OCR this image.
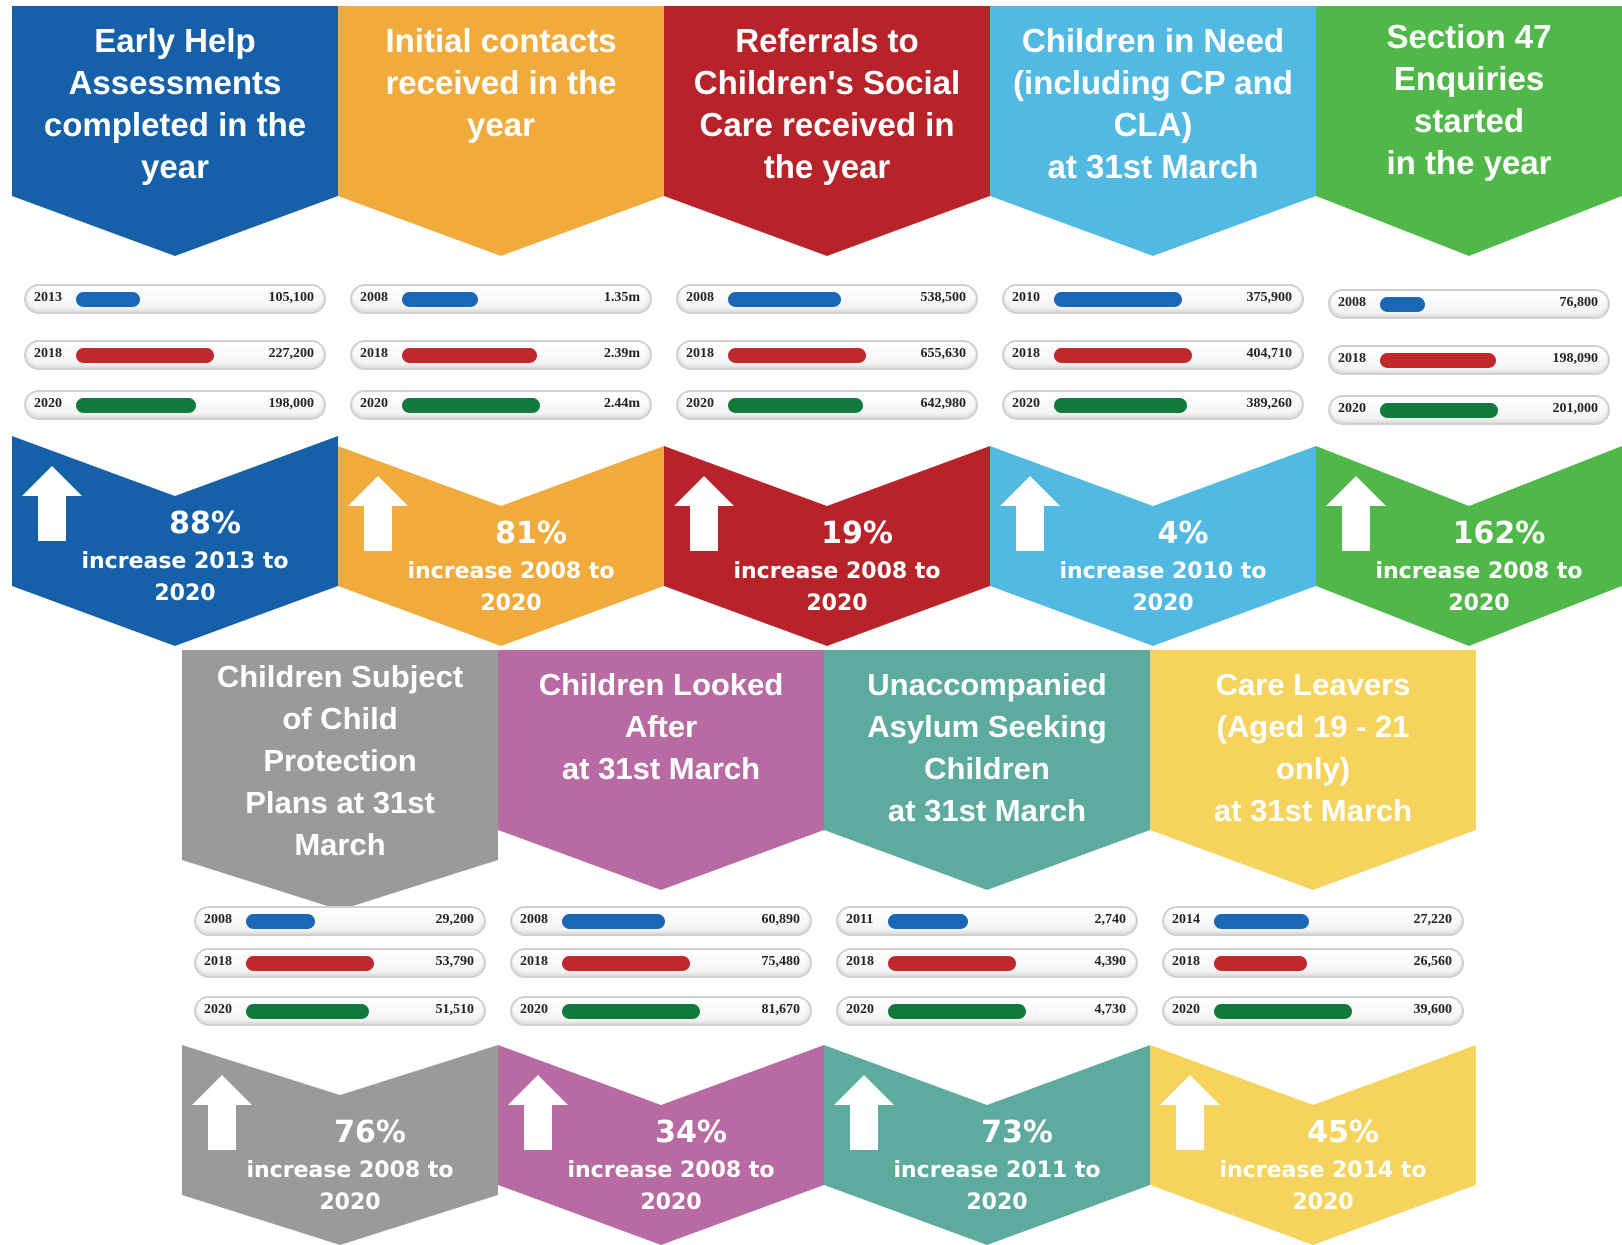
Early Help
Assessments
completed in the
year
2013	105,100
2018	227,200
2020	198,000
88%
increase 2013 to
2020
Initial contacts
received in the
year
2008	1.35m
2018	2.39m
2020	2.44m
81%
increase 2008 to
2020
Referrals to
Children's Social
Care received in
the year
2008	538,500
2018	655,630
2020	642,980
19%
increase 2008 to
2020
Children in Need
(including CP and
CLA)
at 31st March
2010	375,900
2018	404,710
2020	389,260
4%
increase 2010 to
2020
Section 47
Enquiries
started
in the year
2008	76,800
2018	198,090
2020	201,000
162%
increase 2008 to
2020
Children Subject
of Child
Protection
Plans at 31st
March
2008	29,200
2018	53,790
2020	51,510
76%
increase 2008 to
2020
Children Looked
After
at 31st March
2008	60,890
2018	75,480
2020	81,670
34%
increase 2008 to
2020
Unaccompanied
Asylum Seeking
Children
at 31st March
2011	2,740
2018	4,390
2020	4,730
73%
increase 2011 to
2020
Care Leavers
(Aged 19 - 21
only)
at 31st March
2014	27,220
2018	26,560
2020	39,600
45%
increase 2014 to
2020
